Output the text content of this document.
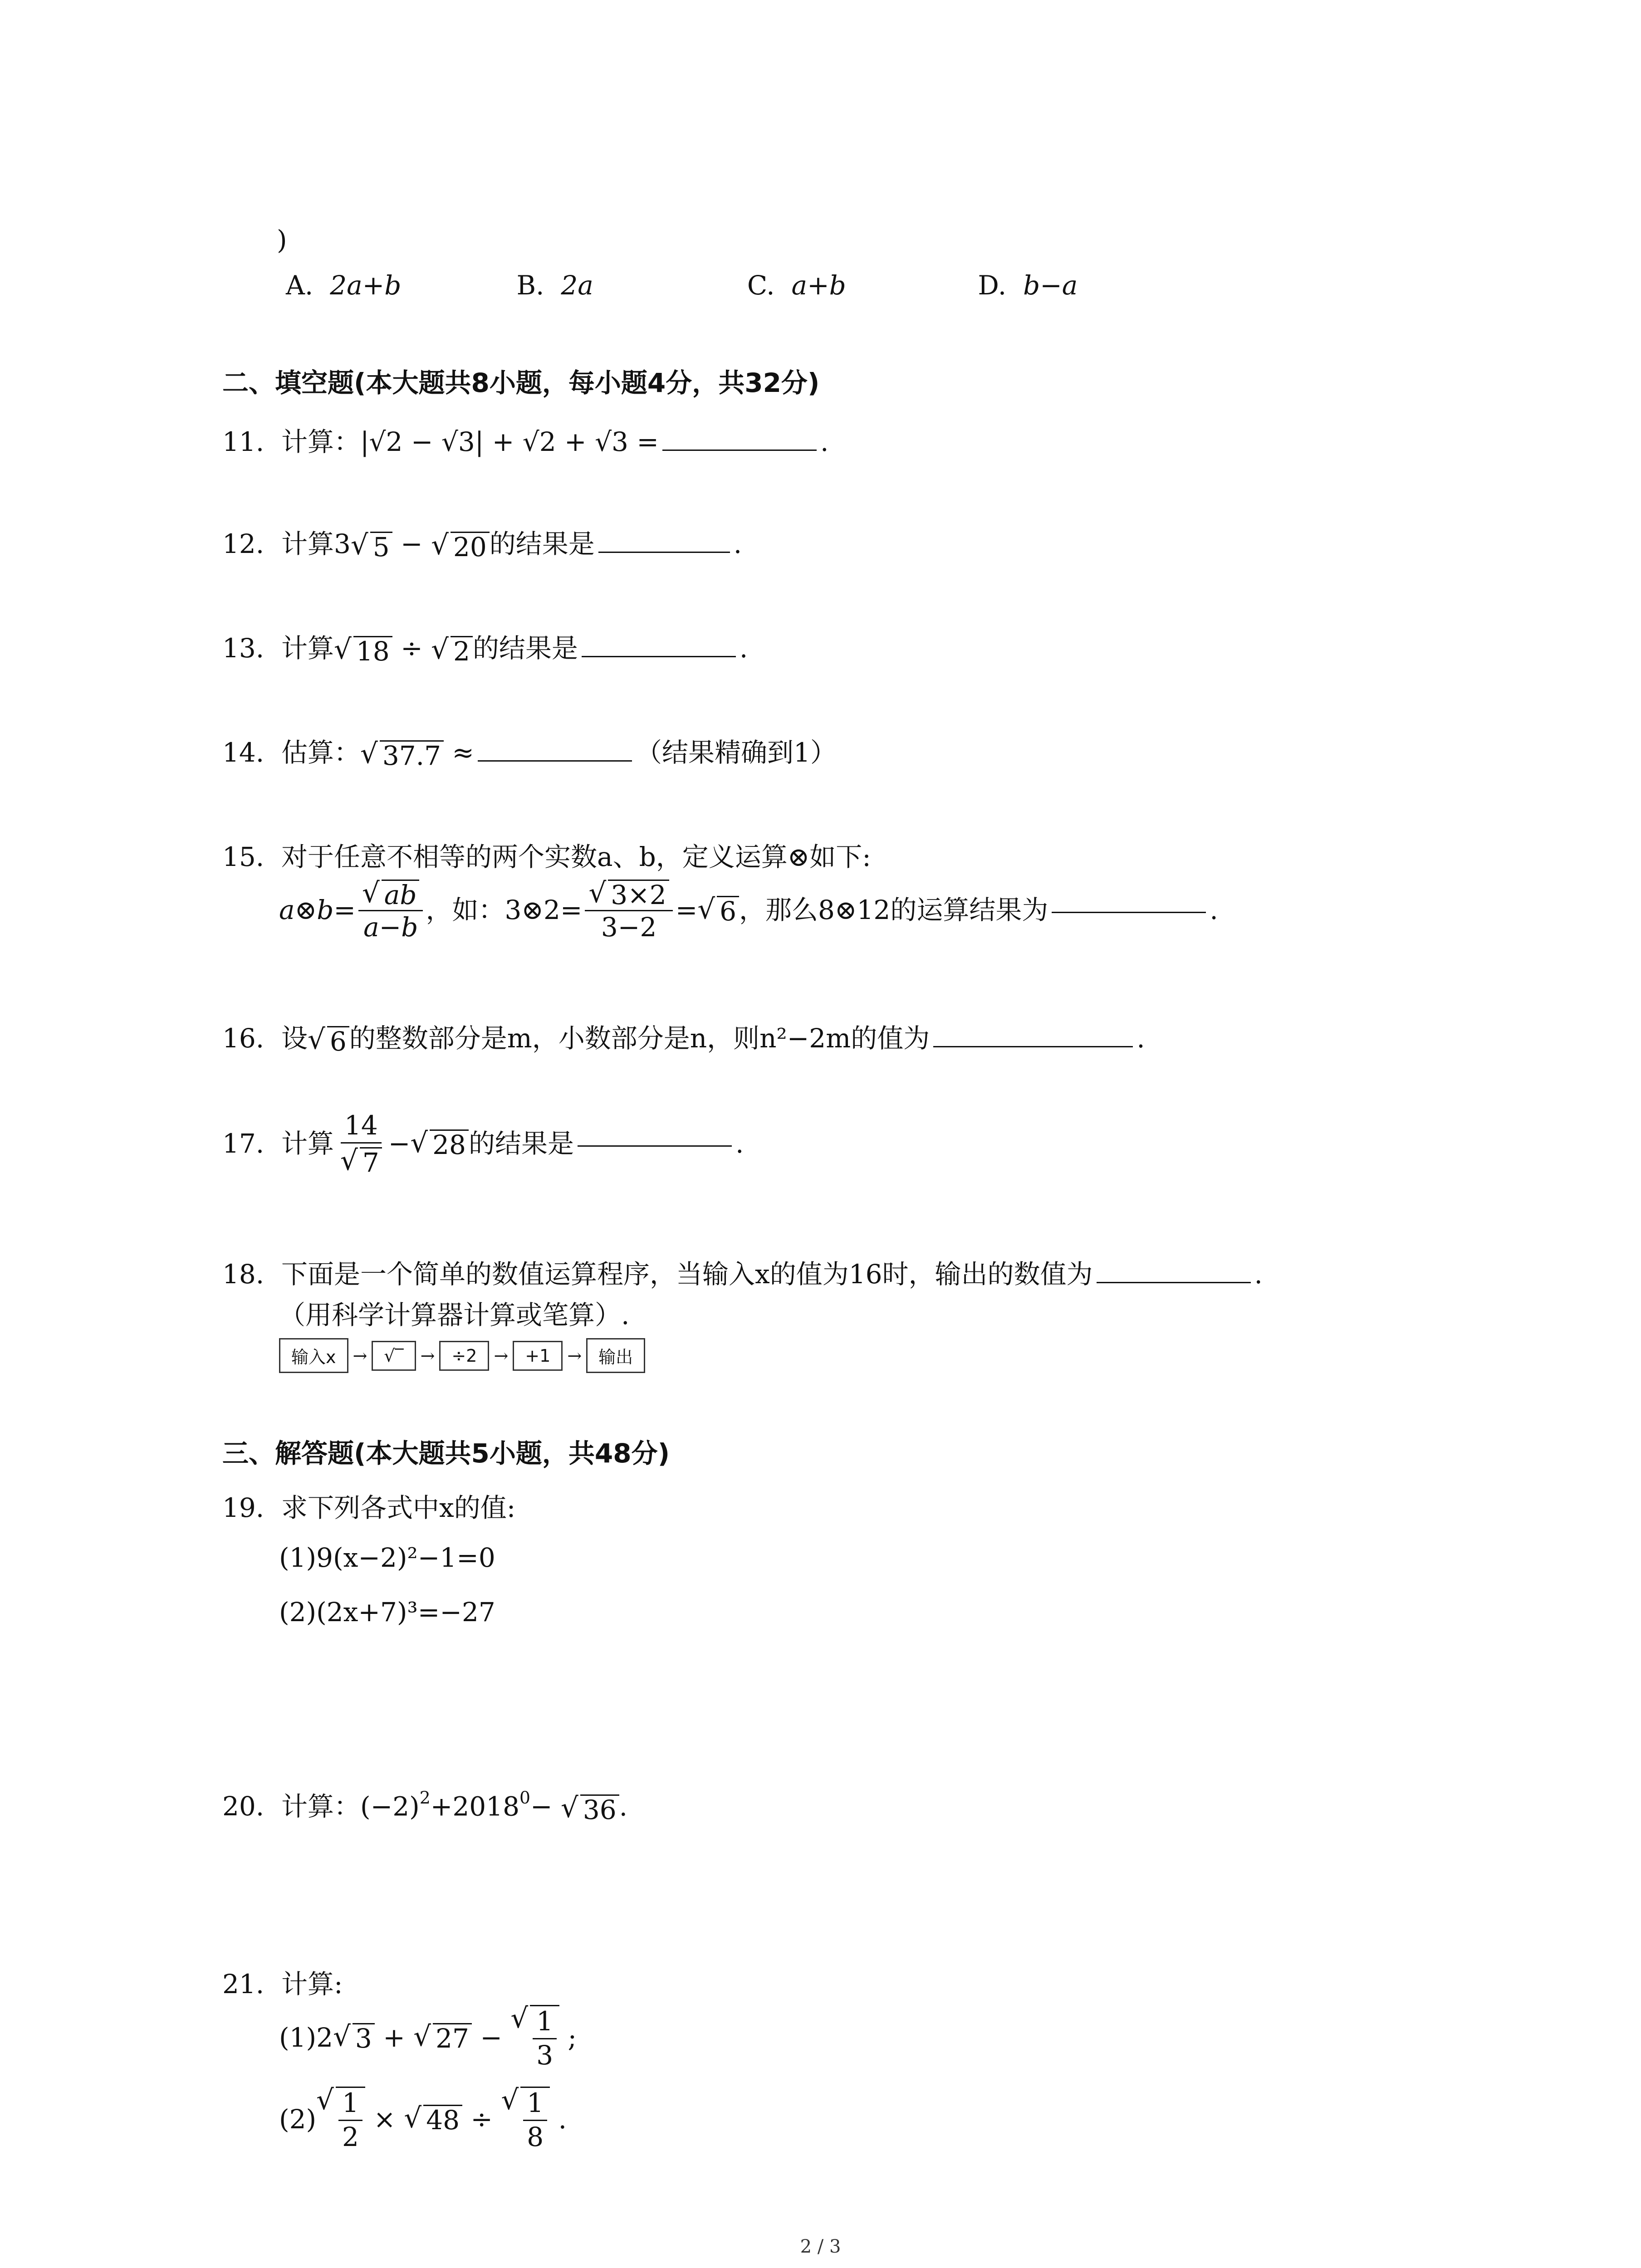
)
A. 2a+b	B. 2a	C. a+b	D. b−a
二、填空题(本大题共8小题，每小题4分，共32分)
11. 计算：|√2 − √3| + √2 + √3 =	.
12. 计算3 √ 5 − √ 20 的结果是	.
13. 计算 √ 18 ÷ √ 2 的结果是	.
14. 估算： √ 37.7 ≈	（结果精确到1）
15. 对于任意不相等的两个实数a、b，定义运算⊗如下:
a ⊗ $b = \frac{√ ab}{a-b}$ ，如：3⊗2= $\frac{√ 3\times 2}{3-2}$ = √ 6 ，那么8⊗12的运算结果为	.
16. 设 √ 6 的整数部分是m，小数部分是n，则n²−2m的值为	.
17. 计算 $\frac{14}{√ 7}$ − √ 28 的结果是	.
18. 下面是一个简单的数值运算程序，当输入x的值为16时，输出的数值为	.
（用科学计算器计算或笔算）.
输入x → √‾ → ÷2 → +1 → 输出
三、解答题(本大题共5小题，共48分)
19. 求下列各式中x的值:
(1)9(x−2)²−1=0
(2)(2x+7)³=−27
20. 计算：$(-2)^2+2018^0-$ √ 36 .
21. 计算:
(1)2 √ 3 + √ 27 −
√ $\frac{1}{3}$ ;
(2)
√ $\frac{1}{2}$ × √ 48 ÷
√ $\frac{1}{8}$ .
2 / 3
